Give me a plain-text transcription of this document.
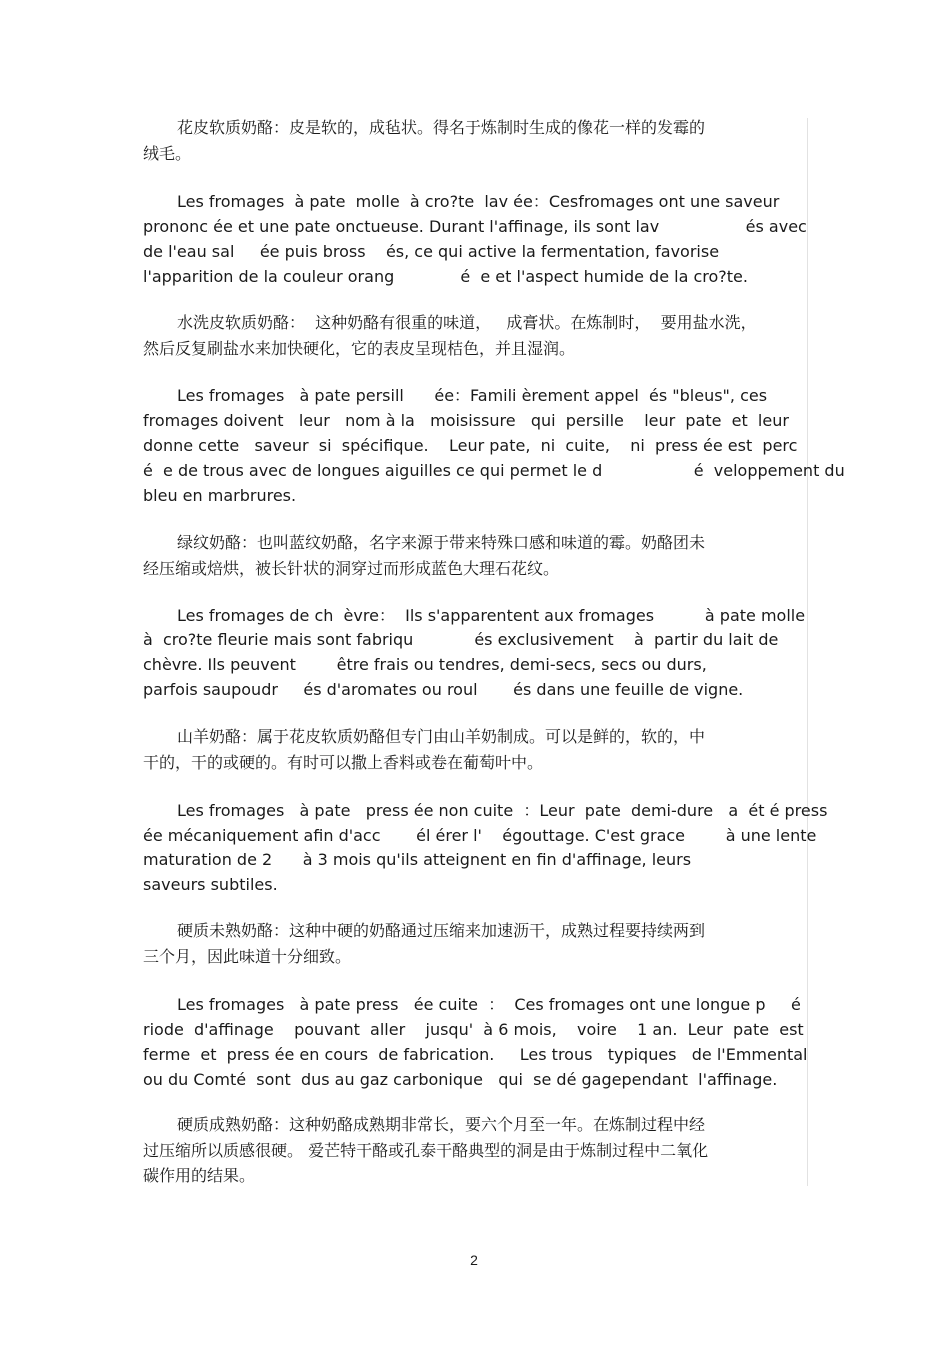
花皮软质奶酪：皮是软的，成毡状。得名于炼制时生成的像花一样的发霉的
绒毛。
Les fromages  à pate  molle  à cro?te  lav ée：Cesfromages ont une saveur
prononc ée et une pate onctueuse. Durant l'affinage, ils sont lav                 és avec
de l'eau sal     ée puis bross    és, ce qui active la fermentation, favorise
l'apparition de la couleur orang             é  e et l'aspect humide de la cro?te.
水洗皮软质奶酪：  这种奶酪有很重的味道，   成膏状。在炼制时，  要用盐水洗，
然后反复刷盐水来加快硬化，它的表皮呈现桔色，并且湿润。
Les fromages   à pate persill      ée：Famili èrement appel  és "bleus", ces
fromages doivent   leur   nom à la   moisissure   qui  persille    leur  pate  et  leur
donne cette   saveur  si  spécifique.    Leur pate,  ni  cuite,    ni  press ée est  perc
é  e de trous avec de longues aiguilles ce qui permet le d                  é  veloppement du
bleu en marbrures.
绿纹奶酪：也叫蓝纹奶酪，名字来源于带来特殊口感和味道的霉。奶酪团未
经压缩或焙烘，被长针状的洞穿过而形成蓝色大理石花纹。
Les fromages de ch  èvre：  Ils s'apparentent aux fromages          à pate molle
à  cro?te fleurie mais sont fabriqu            és exclusivement    à  partir du lait de
chèvre. Ils peuvent        être frais ou tendres, demi-secs, secs ou durs,
parfois saupoudr     és d'aromates ou roul       és dans une feuille de vigne.
山羊奶酪：属于花皮软质奶酪但专门由山羊奶制成。可以是鲜的，软的，中
干的，干的或硬的。有时可以撒上香料或卷在葡萄叶中。
Les fromages   à pate   press ée non cuite  ：Leur  pate  demi-dure   a  ét é press
ée mécaniquement afin d'acc       él érer l'    égouttage. C'est grace        à une lente
maturation de 2      à 3 mois qu'ils atteignent en fin d'affinage, leurs
saveurs subtiles.
硬质未熟奶酪：这种中硬的奶酪通过压缩来加速沥干，成熟过程要持续两到
三个月，因此味道十分细致。
Les fromages   à pate press   ée cuite  ：  Ces fromages ont une longue p     é
riode  d'affinage    pouvant  aller    jusqu'  à 6 mois,    voire    1 an.  Leur  pate  est
ferme  et  press ée en cours  de fabrication.     Les trous   typiques   de l'Emmental
ou du Comté  sont  dus au gaz carbonique   qui  se dé gagependant  l'affinage.
硬质成熟奶酪：这种奶酪成熟期非常长，要六个月至一年。在炼制过程中经
过压缩所以质感很硬。 爱芒特干酪或孔泰干酪典型的洞是由于炼制过程中二氧化
碳作用的结果。
2
